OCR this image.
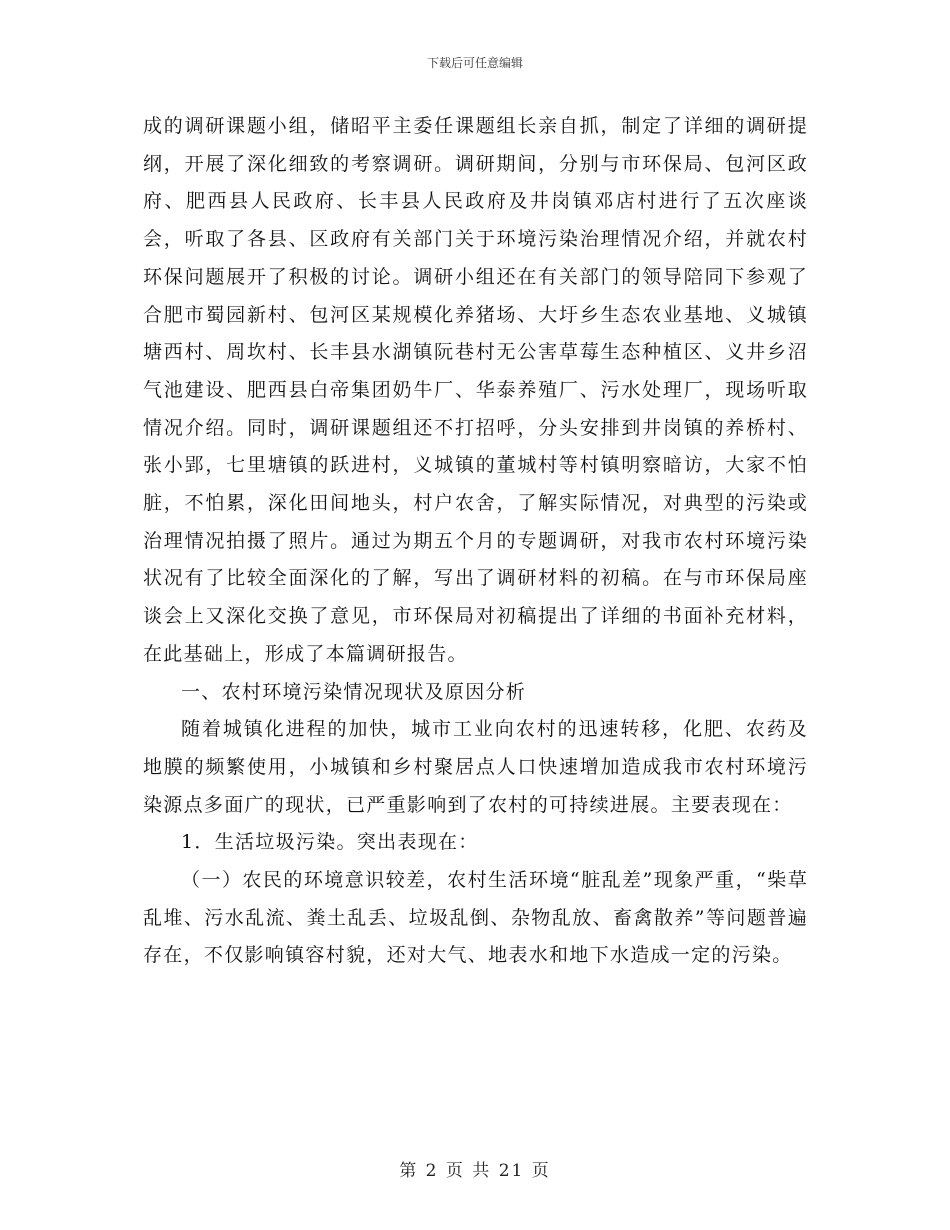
下载后可任意编辑

成的调研课题小组，储昭平主委任课题组长亲自抓，制定了详细的调研提纲，开展了深化细致的考察调研。调研期间，分别与市环保局、包河区政府、肥西县人民政府、长丰县人民政府及井岗镇邓店村进行了五次座谈会，听取了各县、区政府有关部门关于环境污染治理情况介绍，并就农村环保问题展开了积极的讨论。调研小组还在有关部门的领导陪同下参观了合肥市蜀园新村、包河区某规模化养猪场、大圩乡生态农业基地、义城镇塘西村、周坎村、长丰县水湖镇阮巷村无公害草莓生态种植区、义井乡沼气池建设、肥西县白帝集团奶牛厂、华泰养殖厂、污水处理厂，现场听取情况介绍。同时，调研课题组还不打招呼，分头安排到井岗镇的养桥村、张小郢，七里塘镇的跃进村，义城镇的董城村等村镇明察暗访，大家不怕脏，不怕累，深化田间地头，村户农舍，了解实际情况，对典型的污染或治理情况拍摄了照片。通过为期五个月的专题调研，对我市农村环境污染状况有了比较全面深化的了解，写出了调研材料的初稿。在与市环保局座谈会上又深化交换了意见，市环保局对初稿提出了详细的书面补充材料，在此基础上，形成了本篇调研报告。

一、农村环境污染情况现状及原因分析

随着城镇化进程的加快，城市工业向农村的迅速转移，化肥、农药及地膜的频繁使用，小城镇和乡村聚居点人口快速增加造成我市农村环境污染源点多面广的现状，已严重影响到了农村的可持续进展。主要表现在：

1．生活垃圾污染。突出表现在：

（一）农民的环境意识较差，农村生活环境“脏乱差”现象严重，“柴草乱堆、污水乱流、粪土乱丢、垃圾乱倒、杂物乱放、畜禽散养”等问题普遍存在，不仅影响镇容村貌，还对大气、地表水和地下水造成一定的污染。

第 2 页 共 21 页
